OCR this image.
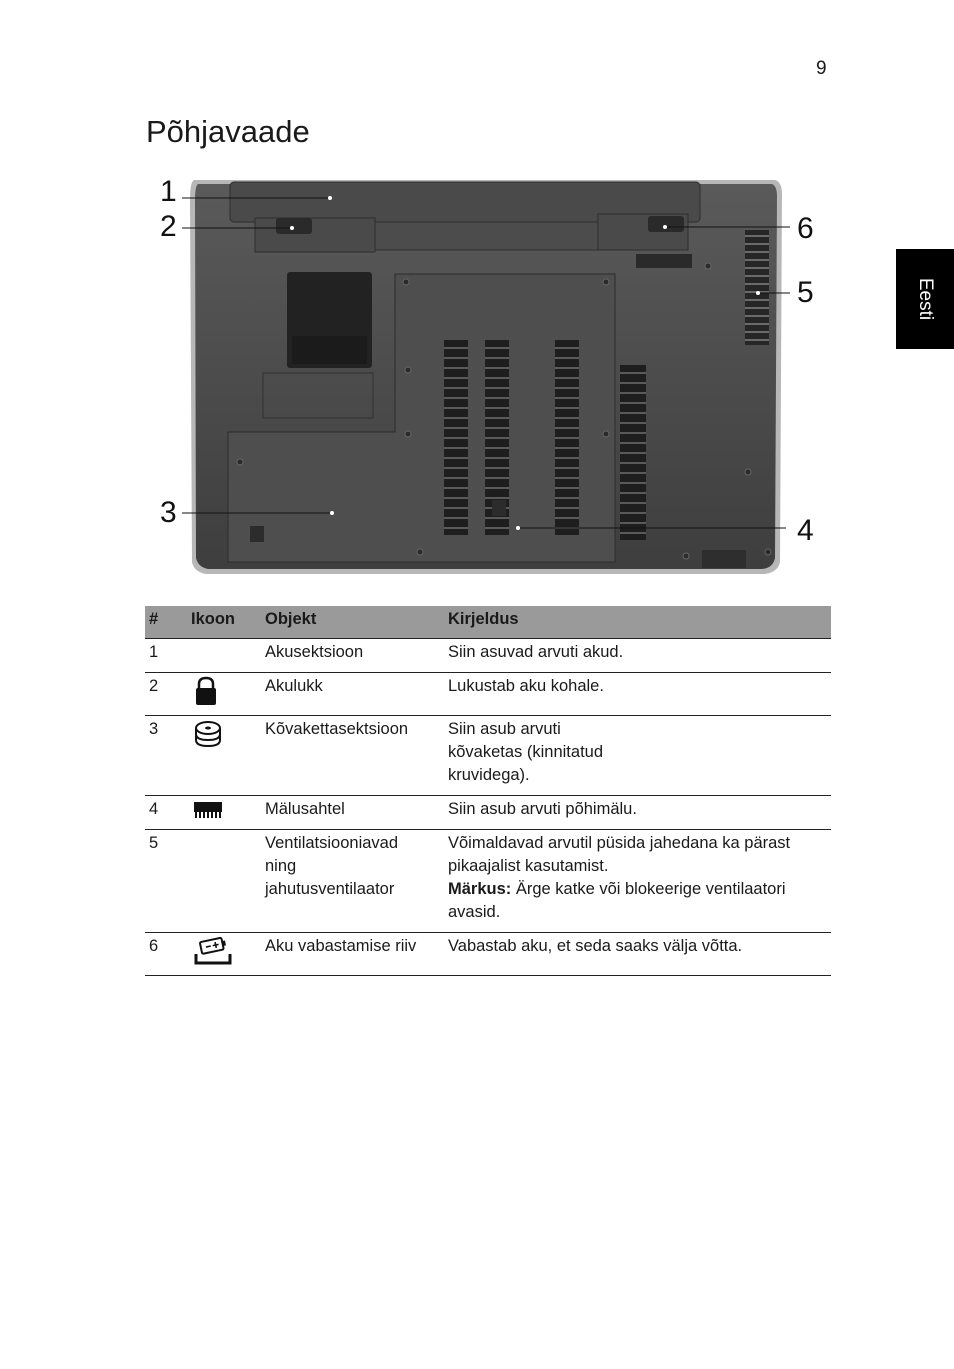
9
Põhjavaade
Eesti
1
2
3
4
5
6
#	Ikoon	Objekt	Kirjeldus
1		Akusektsioon	Siin asuvad arvuti akud.
2		Akulukk	Lukustab aku kohale.
3		Kõvakettasektsioon	Siin asub arvuti kõvaketas (kinnitatud kruvidega).
4		Mälusahtel	Siin asub arvuti põhimälu.
5		Ventilatsiooniavad ning jahutusventilaator	Võimaldavad arvutil püsida jahedana ka pärast pikaajalist kasutamist.
Märkus: Ärge katke või blokeerige ventilaatori avasid.

6		Aku vabastamise riiv	Vabastab aku, et seda saaks välja võtta.
